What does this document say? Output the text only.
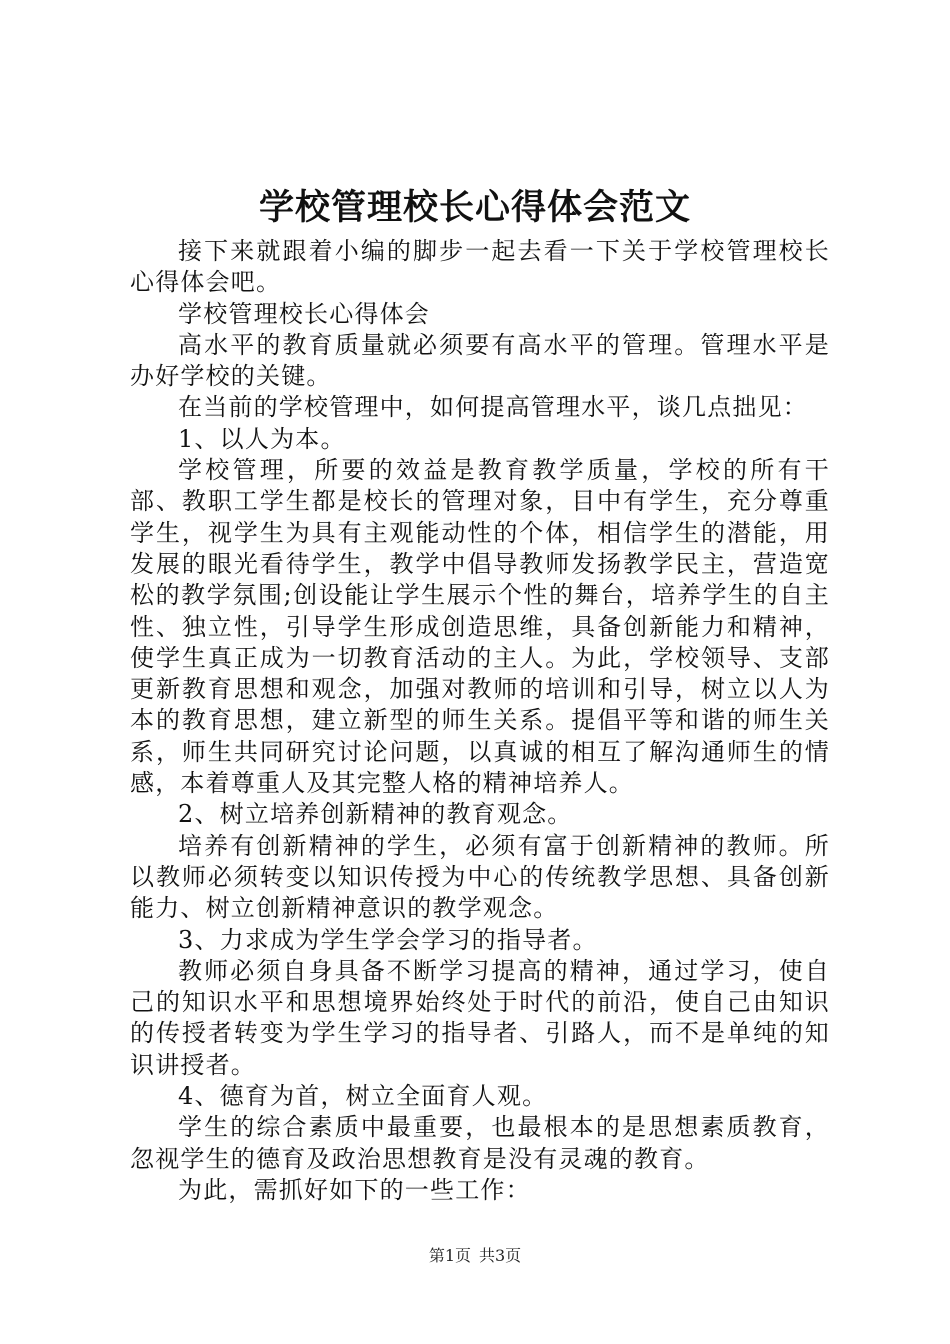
学校管理校长心得体会范文

接下来就跟着小编的脚步一起去看一下关于学校管理校长心得体会吧。

学校管理校长心得体会

高水平的教育质量就必须要有高水平的管理。管理水平是办好学校的关键。

在当前的学校管理中，如何提高管理水平，谈几点拙见：

1、以人为本。

学校管理，所要的效益是教育教学质量，学校的所有干部、教职工学生都是校长的管理对象，目中有学生，充分尊重学生，视学生为具有主观能动性的个体，相信学生的潜能，用发展的眼光看待学生，教学中倡导教师发扬教学民主，营造宽松的教学氛围;创设能让学生展示个性的舞台，培养学生的自主性、独立性，引导学生形成创造思维，具备创新能力和精神，使学生真正成为一切教育活动的主人。为此，学校领导、支部更新教育思想和观念，加强对教师的培训和引导，树立以人为本的教育思想，建立新型的师生关系。提倡平等和谐的师生关系，师生共同研究讨论问题，以真诚的相互了解沟通师生的情感，本着尊重人及其完整人格的精神培养人。

2、树立培养创新精神的教育观念。

培养有创新精神的学生，必须有富于创新精神的教师。所以教师必须转变以知识传授为中心的传统教学思想、具备创新能力、树立创新精神意识的教学观念。

3、力求成为学生学会学习的指导者。

教师必须自身具备不断学习提高的精神，通过学习，使自己的知识水平和思想境界始终处于时代的前沿，使自己由知识的传授者转变为学生学习的指导者、引路人，而不是单纯的知识讲授者。

4、德育为首，树立全面育人观。

学生的综合素质中最重要，也最根本的是思想素质教育，忽视学生的德育及政治思想教育是没有灵魂的教育。

为此，需抓好如下的一些工作：

第1页 共3页
